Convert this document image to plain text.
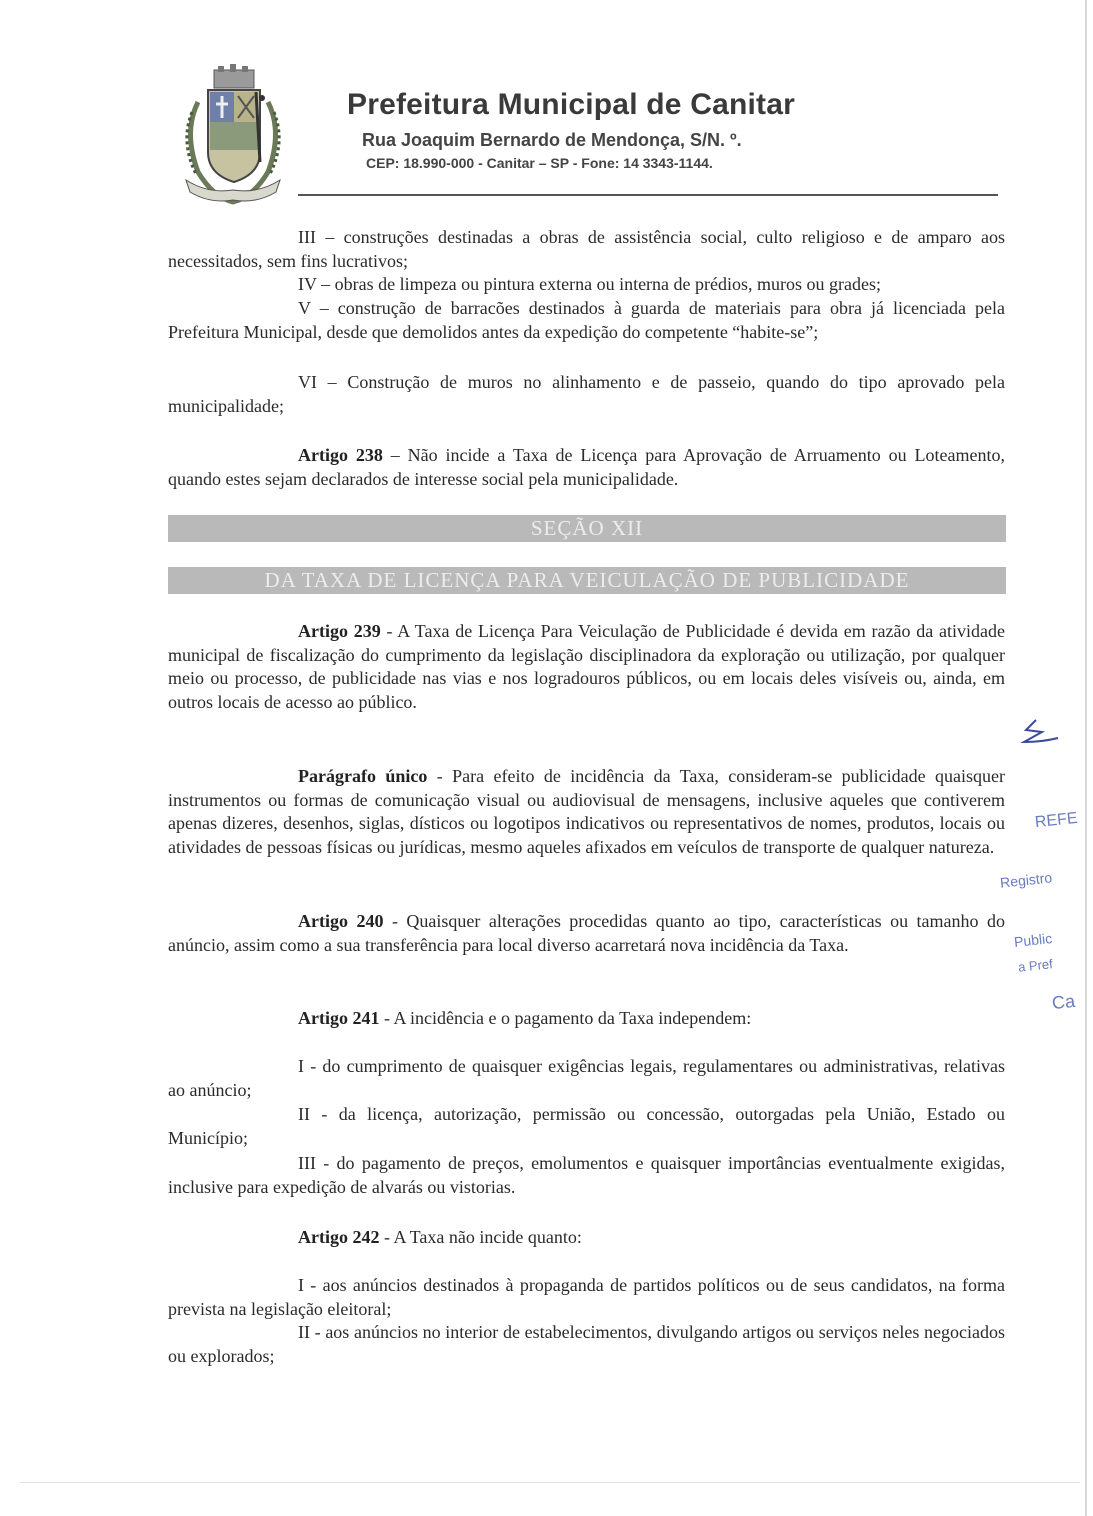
Prefeitura Municipal de Canitar
Rua Joaquim Bernardo de Mendonça, S/N. º.
CEP: 18.990-000 - Canitar – SP - Fone: 14 3343-1144.
III – construções destinadas a obras de assistência social, culto religioso e de amparo aos necessitados, sem fins lucrativos;
IV – obras de limpeza ou pintura externa ou interna de prédios, muros ou grades;
V – construção de barracões destinados à guarda de materiais para obra já licenciada pela Prefeitura Municipal, desde que demolidos antes da expedição do competente “habite-se”;
VI – Construção de muros no alinhamento e de passeio, quando do tipo aprovado pela municipalidade;
Artigo 238 – Não incide a Taxa de Licença para Aprovação de Arruamento ou Loteamento, quando estes sejam declarados de interesse social pela municipalidade.
SEÇÃO XII
DA TAXA DE LICENÇA PARA VEICULAÇÃO DE PUBLICIDADE
Artigo 239 - A Taxa de Licença Para Veiculação de Publicidade é devida em razão da atividade municipal de fiscalização do cumprimento da legislação disciplinadora da exploração ou utilização, por qualquer meio ou processo, de publicidade nas vias e nos logradouros públicos, ou em locais deles visíveis ou, ainda, em outros locais de acesso ao público.
Parágrafo único - Para efeito de incidência da Taxa, consideram-se publicidade quaisquer instrumentos ou formas de comunicação visual ou audiovisual de mensagens, inclusive aqueles que contiverem apenas dizeres, desenhos, siglas, dísticos ou logotipos indicativos ou representativos de nomes, produtos, locais ou atividades de pessoas físicas ou jurídicas, mesmo aqueles afixados em veículos de transporte de qualquer natureza.
Artigo 240 - Quaisquer alterações procedidas quanto ao tipo, características ou tamanho do anúncio, assim como a sua transferência para local diverso acarretará nova incidência da Taxa.
Artigo 241 - A incidência e o pagamento da Taxa independem:
I - do cumprimento de quaisquer exigências legais, regulamentares ou administrativas, relativas ao anúncio;
II - da licença, autorização, permissão ou concessão, outorgadas pela União, Estado ou Município;
III - do pagamento de preços, emolumentos e quaisquer importâncias eventualmente exigidas, inclusive para expedição de alvarás ou vistorias.
Artigo 242 - A Taxa não incide quanto:
I - aos anúncios destinados à propaganda de partidos políticos ou de seus candidatos, na forma prevista na legislação eleitoral;
II - aos anúncios no interior de estabelecimentos, divulgando artigos ou serviços neles negociados ou explorados;
REFE
Registro
Public
a Pref
Ca
